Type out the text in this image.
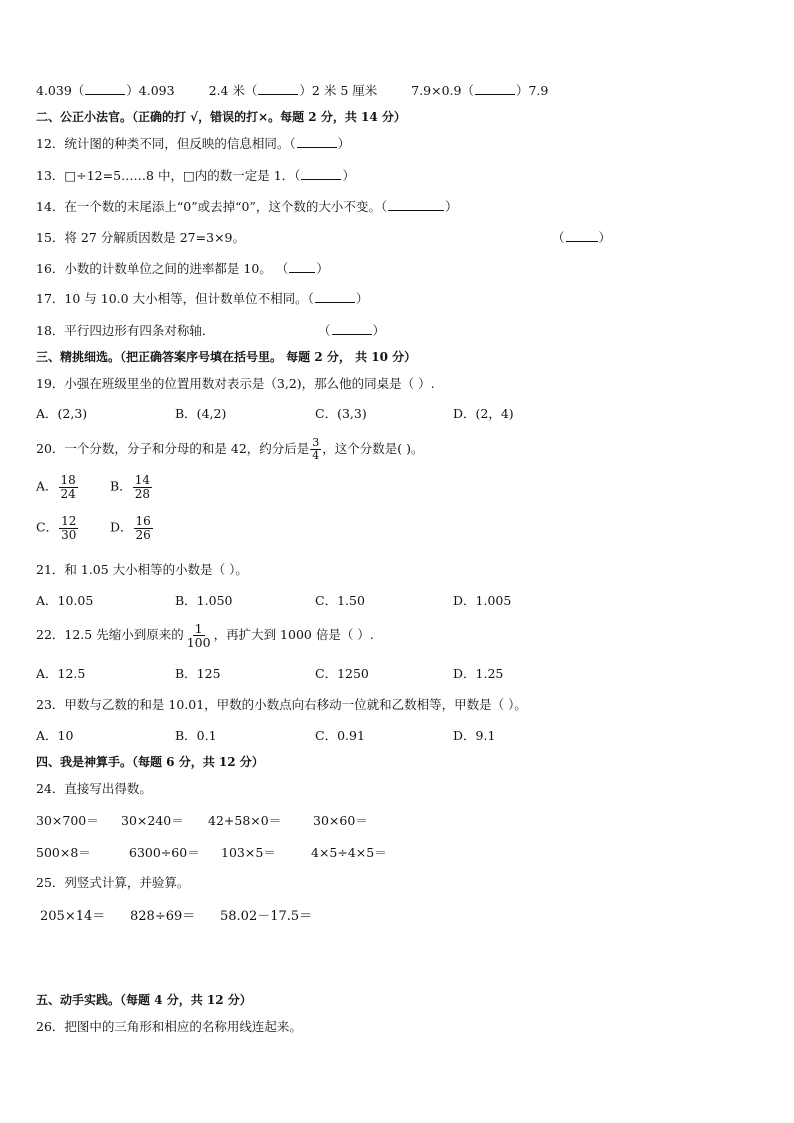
4.039（	）4.093	2.4 米（	）2 米 5 厘米	7.9×0.9（	）7.9
二、公正小法官。（正确的打 √，错误的打×。每题 2 分，共 14 分）
12．统计图的种类不同，但反映的信息相同。（	）
13．□÷12=5……8 中，□内的数一定是 1．（	）
14．在一个数的末尾添上“0”或去掉“0”，这个数的大小不变。（	）
15．将 27 分解质因数是 27=3×9。	（	）
16．小数的计数单位之间的进率都是 10。 （ ）
17．10 与 10.0 大小相等，但计数单位不相同。（	）
18．平行四边形有四条对称轴．	（	）
三、精挑细选。（把正确答案序号填在括号里。 每题 2 分， 共 10 分）
19．小强在班级里坐的位置用数对表示是（3,2)，那么他的同桌是（ ）.
A．(2,3)	B．(4,2)	C．(3,3)	D．(2，4)
20．一个分数，分子和分母的和是 42，约分后是 $\frac{3}{4}$ ，这个分数是( )。
A． $\frac{18}{24}$	B． $\frac{14}{28}$
C． $\frac{12}{30}$	D． $\frac{16}{26}$
21．和 1.05 大小相等的小数是（ ）。
A．10.05	B．1.050	C．1.50	D．1.005
22．12.5 先缩小到原来的 $\frac{1}{100}$ ，再扩大到 1000 倍是（ ）.
A．12.5	B．125	C．1250	D．1.25
23．甲数与乙数的和是 10.01，甲数的小数点向右移动一位就和乙数相等，甲数是（ ）。
A．10	B．0.1	C．0.91	D．9.1
四、我是神算手。（每题 6 分，共 12 分）
24．直接写出得数。
30×700＝ 30×240＝ 42+58×0＝	30×60＝
500×8＝	6300÷60＝ 103×5＝	4×5÷4×5＝
25．列竖式计算，并验算。
205×14＝ 828÷69＝ 58.02－17.5＝
五、动手实践。（每题 4 分，共 12 分）
26．把图中的三角形和相应的名称用线连起来。
